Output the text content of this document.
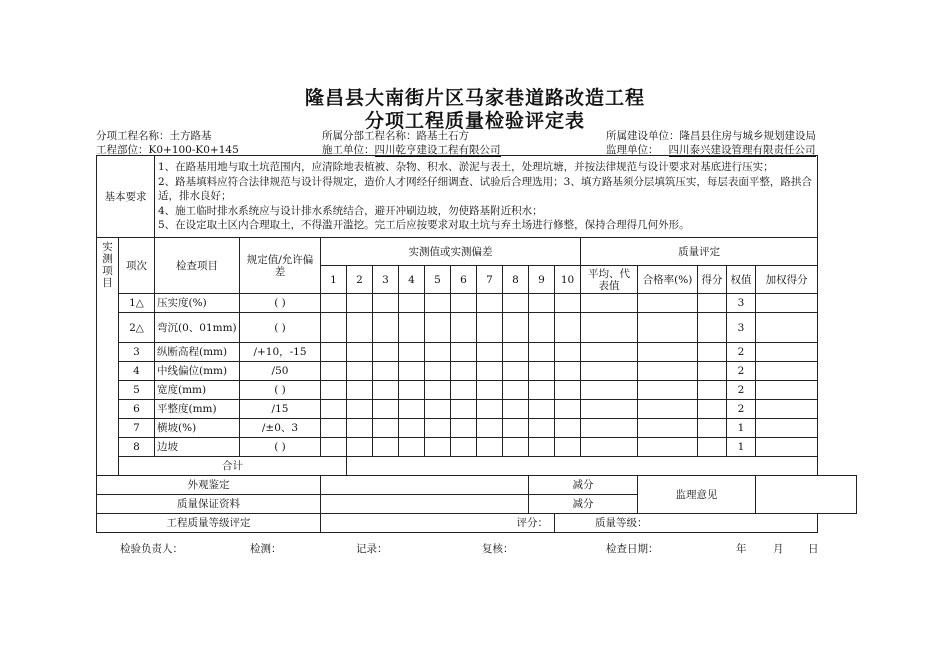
隆昌县大南街片区马家巷道路改造工程
分项工程质量检验评定表
分项工程名称：土方路基	所属分部工程名称：路基土石方	所属建设单位：隆昌县住房与城乡规划建设局
工程部位：K0+100-K0+145	施工单位：四川乾亨建设工程有限公司	监理单位： 四川泰兴建设管理有限责任公司
基本要求		1、在路基用地与取土坑范围内，应清除地表植被、杂物、积水、淤泥与表土，处理坑塘，并按法律规范与设计要求对基底进行压实；
2、路基填料应符合法律规范与设计得规定，造价人才网经仔细调查、试验后合理选用；3、填方路基须分层填筑压实，每层表面平整，路拱合适，排水良好；
4、施工临时排水系统应与设计排水系统结合，避开冲刷边坡，勿使路基附近积水；
5、在设定取土区内合理取土，不得滥开滥挖。完工后应按要求对取土坑与弃土场进行修整，保持合理得几何外形。																

实测项目	项次	检查项目	规定值/允许偏差	实测值或实测偏差										质量评定				
				1	2	3	4	5	6	7	8	9	10	平均、代表值	合格率(%)	得分	权值	加权得分
	1△	压实度(%)	( )														3	
	2△	弯沉(0、01mm)	( )														3	
	3	纵断高程(mm)	/+10，-15														2	
	4	中线偏位(mm)	/50														2	
	5	宽度(mm)	( )														2	
	6	平整度(mm)	/15														2	
	7	横坡(%)	/±0、3														1	
	8	边坡	( )														1	
	合计																	
外观鉴定												减分			监理意见			
质量保证资料												减分						
工程质量等级评定				评分：									质量等级：					
检验负责人：	检测：	记录：	复核：	检查日期：	年	月 日
